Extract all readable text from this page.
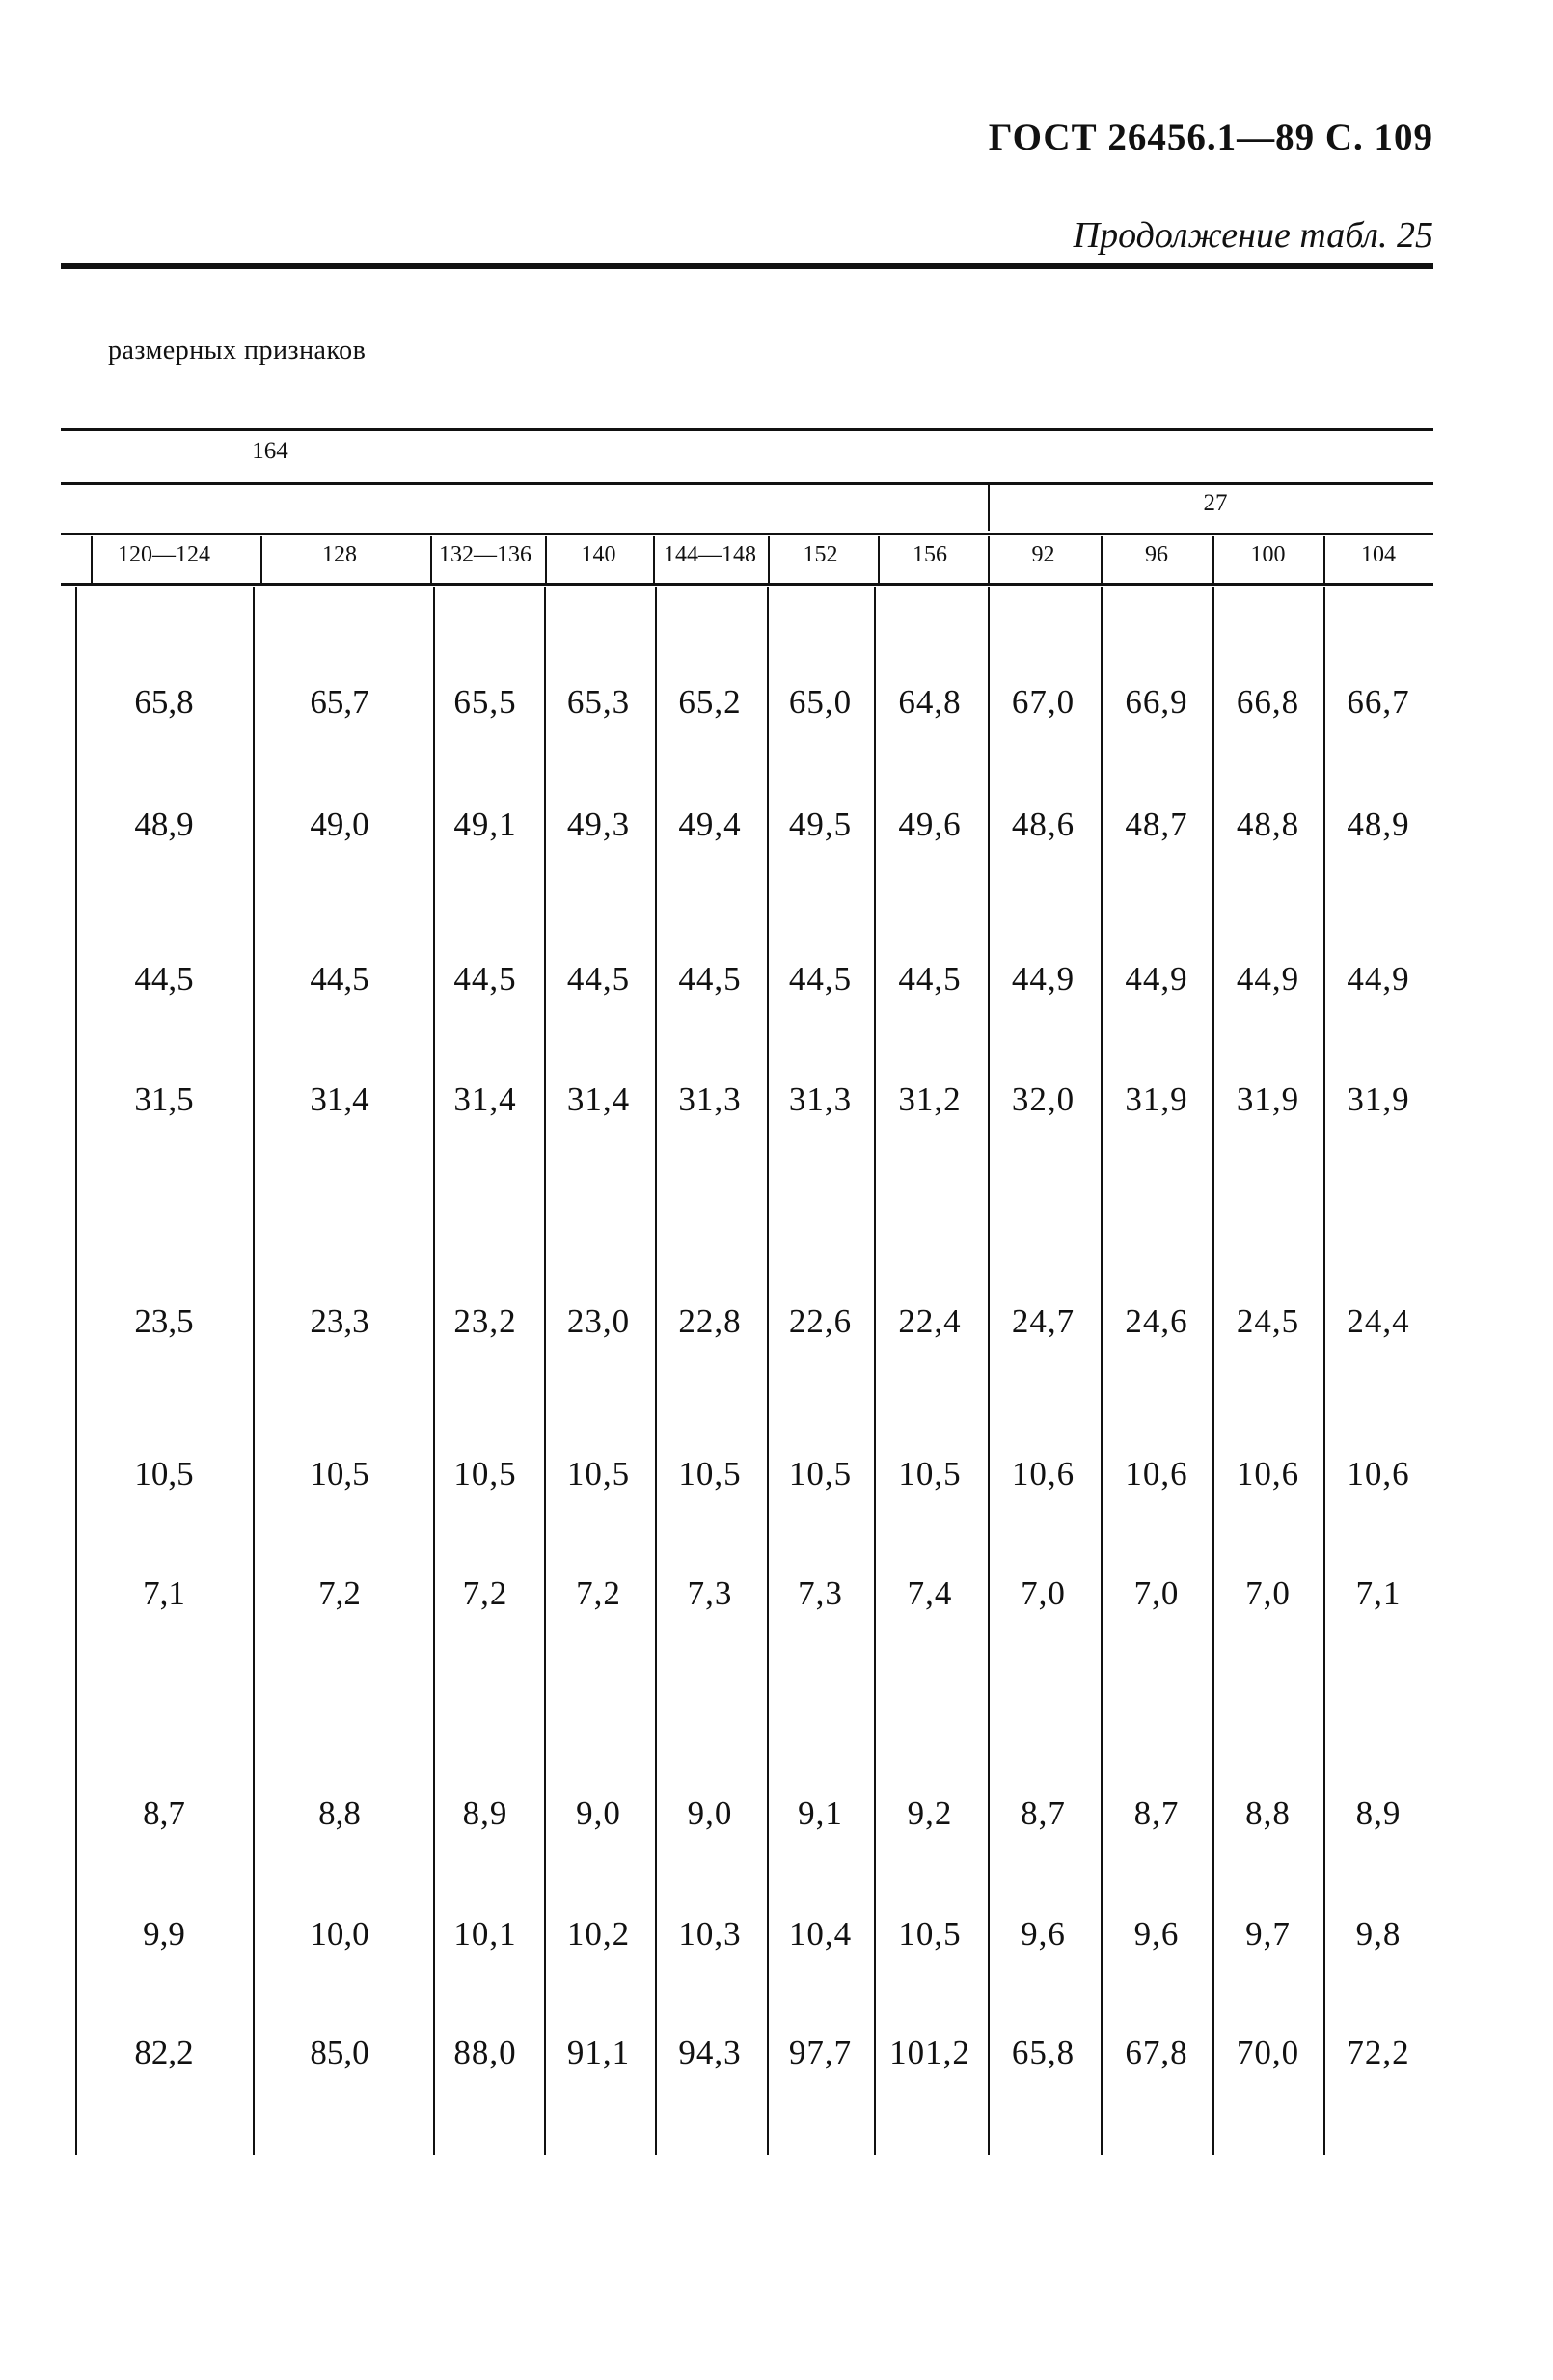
ГОСТ 26456.1—89 С. 109
Продолжение табл. 25
размерных признаков
164
27
120—124	128	132—136	140	144—148	152	156	92	96	100	104
65,8	65,7	65,5	65,3	65,2	65,0	64,8	67,0	66,9	66,8	66,7
48,9	49,0	49,1	49,3	49,4	49,5	49,6	48,6	48,7	48,8	48,9
44,5	44,5	44,5	44,5	44,5	44,5	44,5	44,9	44,9	44,9	44,9
31,5	31,4	31,4	31,4	31,3	31,3	31,2	32,0	31,9	31,9	31,9
23,5	23,3	23,2	23,0	22,8	22,6	22,4	24,7	24,6	24,5	24,4
10,5	10,5	10,5	10,5	10,5	10,5	10,5	10,6	10,6	10,6	10,6
7,1	7,2	7,2	7,2	7,3	7,3	7,4	7,0	7,0	7,0	7,1
8,7	8,8	8,9	9,0	9,0	9,1	9,2	8,7	8,7	8,8	8,9
9,9	10,0	10,1	10,2	10,3	10,4	10,5	9,6	9,6	9,7	9,8
82,2	85,0	88,0	91,1	94,3	97,7	101,2	65,8	67,8	70,0	72,2
